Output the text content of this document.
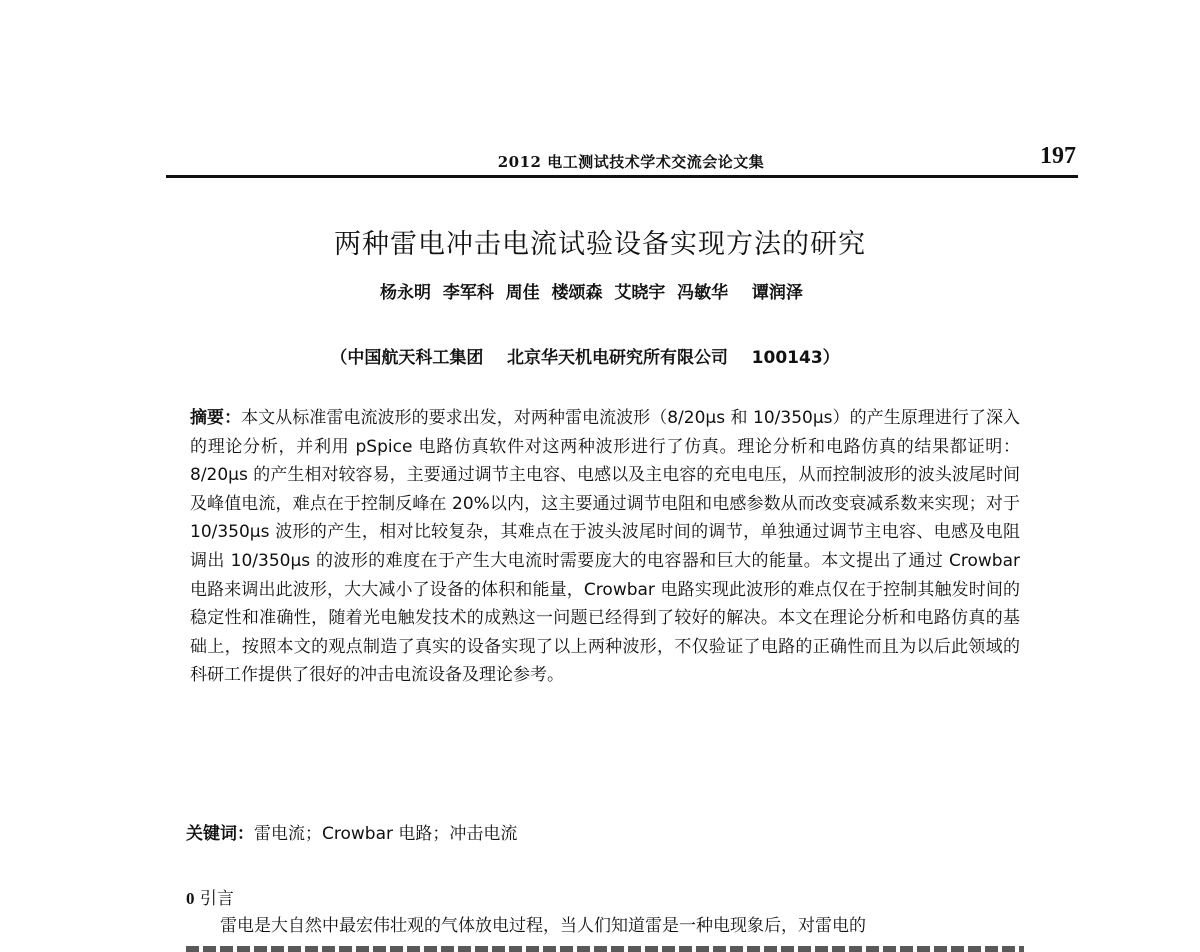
2012 电工测试技术学术交流会论文集	197
两种雷电冲击电流试验设备实现方法的研究
杨永明  李军科  周佳  楼颂森  艾晓宇  冯敏华    谭润泽
（中国航天科工集团    北京华天机电研究所有限公司    100143）
摘要：本文从标准雷电流波形的要求出发，对两种雷电流波形（8/20μs 和 10/350μs）的产生原理进行了深入的理论分析，并利用 pSpice 电路仿真软件对这两种波形进行了仿真。理论分析和电路仿真的结果都证明：8/20μs 的产生相对较容易，主要通过调节主电容、电感以及主电容的充电电压，从而控制波形的波头波尾时间及峰值电流，难点在于控制反峰在 20%以内，这主要通过调节电阻和电感参数从而改变衰减系数来实现；对于 10/350μs 波形的产生，相对比较复杂，其难点在于波头波尾时间的调节，单独通过调节主电容、电感及电阻调出 10/350μs 的波形的难度在于产生大电流时需要庞大的电容器和巨大的能量。本文提出了通过 Crowbar 电路来调出此波形，大大减小了设备的体积和能量，Crowbar 电路实现此波形的难点仅在于控制其触发时间的稳定性和准确性，随着光电触发技术的成熟这一问题已经得到了较好的解决。本文在理论分析和电路仿真的基础上，按照本文的观点制造了真实的设备实现了以上两种波形，不仅验证了电路的正确性而且为以后此领域的科研工作提供了很好的冲击电流设备及理论参考。
关键词：雷电流；Crowbar 电路；冲击电流
0 引言
雷电是大自然中最宏伟壮观的气体放电过程，当人们知道雷是一种电现象后，对雷电的
